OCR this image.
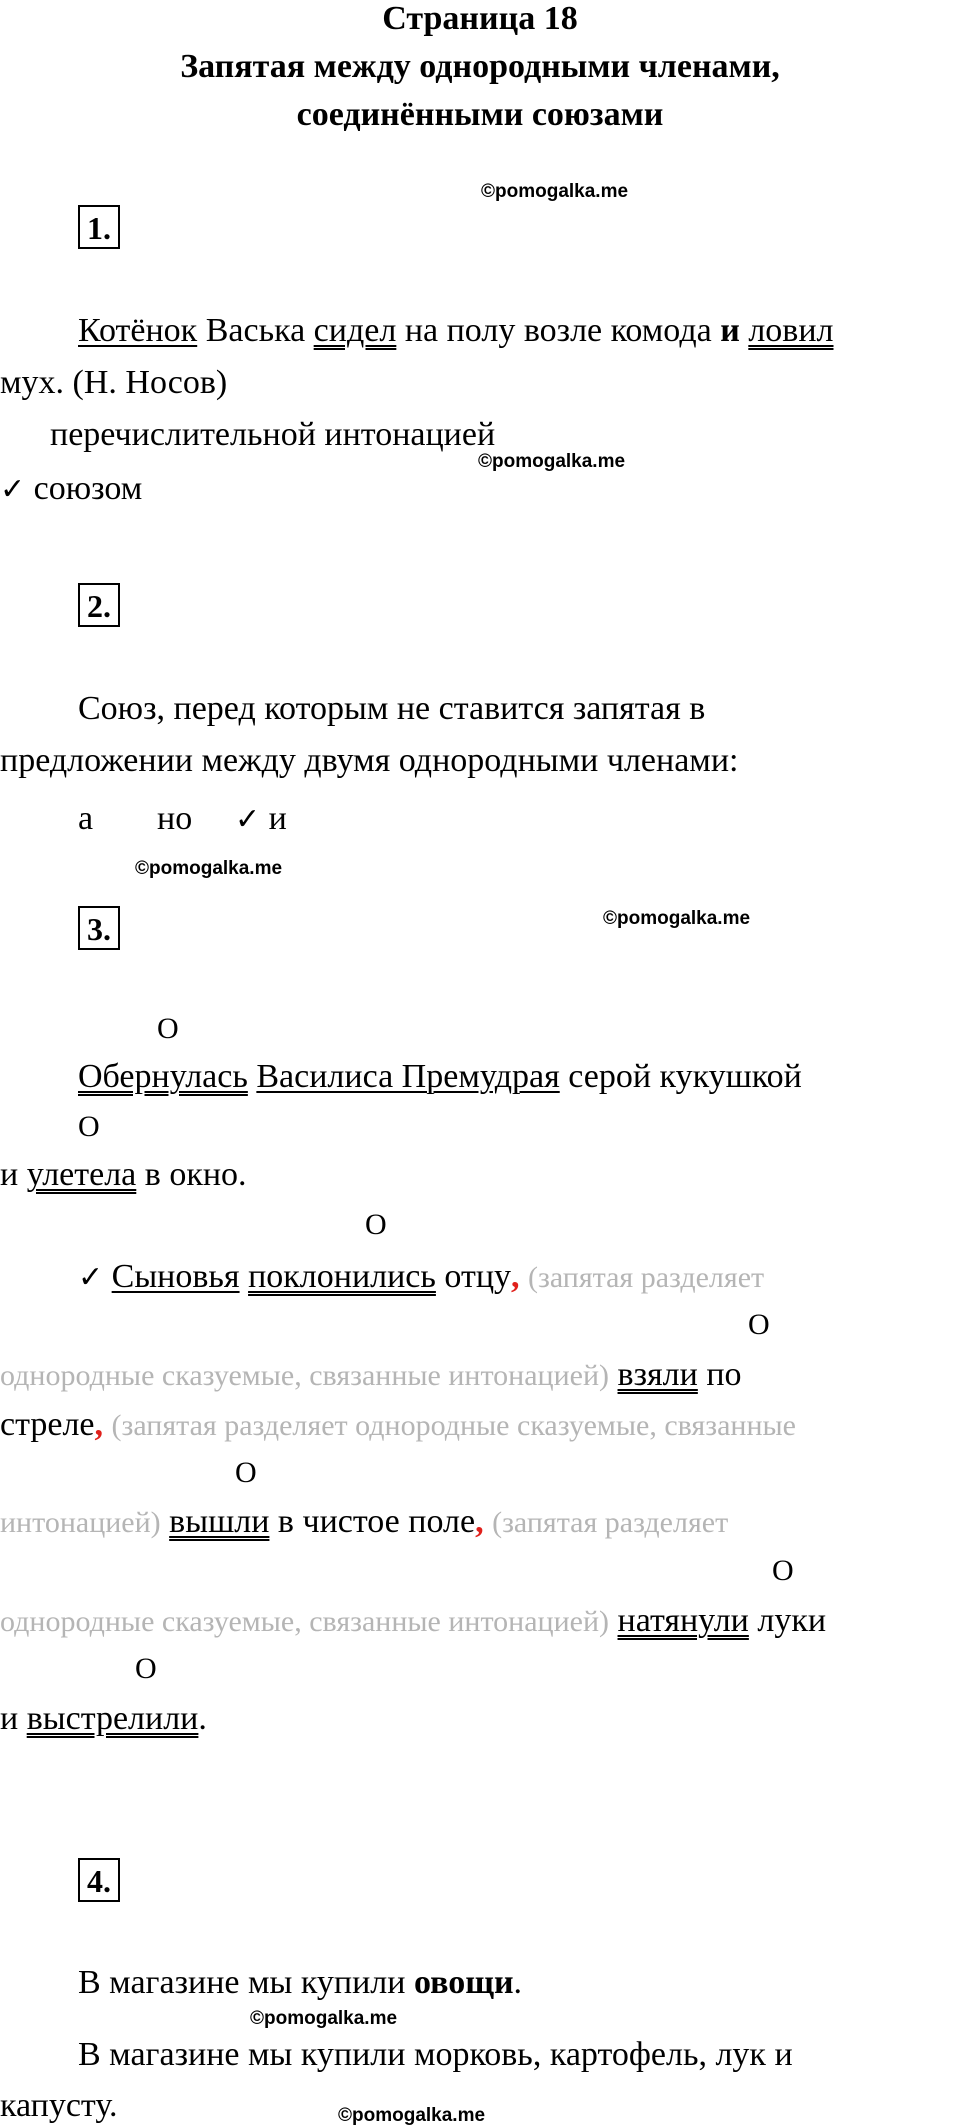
Страница 18
Запятая между однородными членами,
соединёнными союзами
©pomogalka.me
1.
Котёнок Васька сидел на полу возле комода и ловил
мух. (Н. Носов)
перечислительной интонацией
©pomogalka.me
✓ союзом
2.
Союз, перед которым не ставится запятая в
предложении между двумя однородными членами:
а но ✓ и
©pomogalka.me
3.	©pomogalka.me
О
Обернулась Василиса Премудрая серой кукушкой
О
и улетела в окно.
О
✓ Сыновья поклонились отцу, (запятая разделяет
О
однородные сказуемые, связанные интонацией) взяли по
стреле, (запятая разделяет однородные сказуемые, связанные
О
интонацией) вышли в чистое поле, (запятая разделяет
О
однородные сказуемые, связанные интонацией) натянули луки
О
и выстрелили.
4.
В магазине мы купили овощи.
©pomogalka.me
В магазине мы купили морковь, картофель, лук и
капусту.	©pomogalka.me
